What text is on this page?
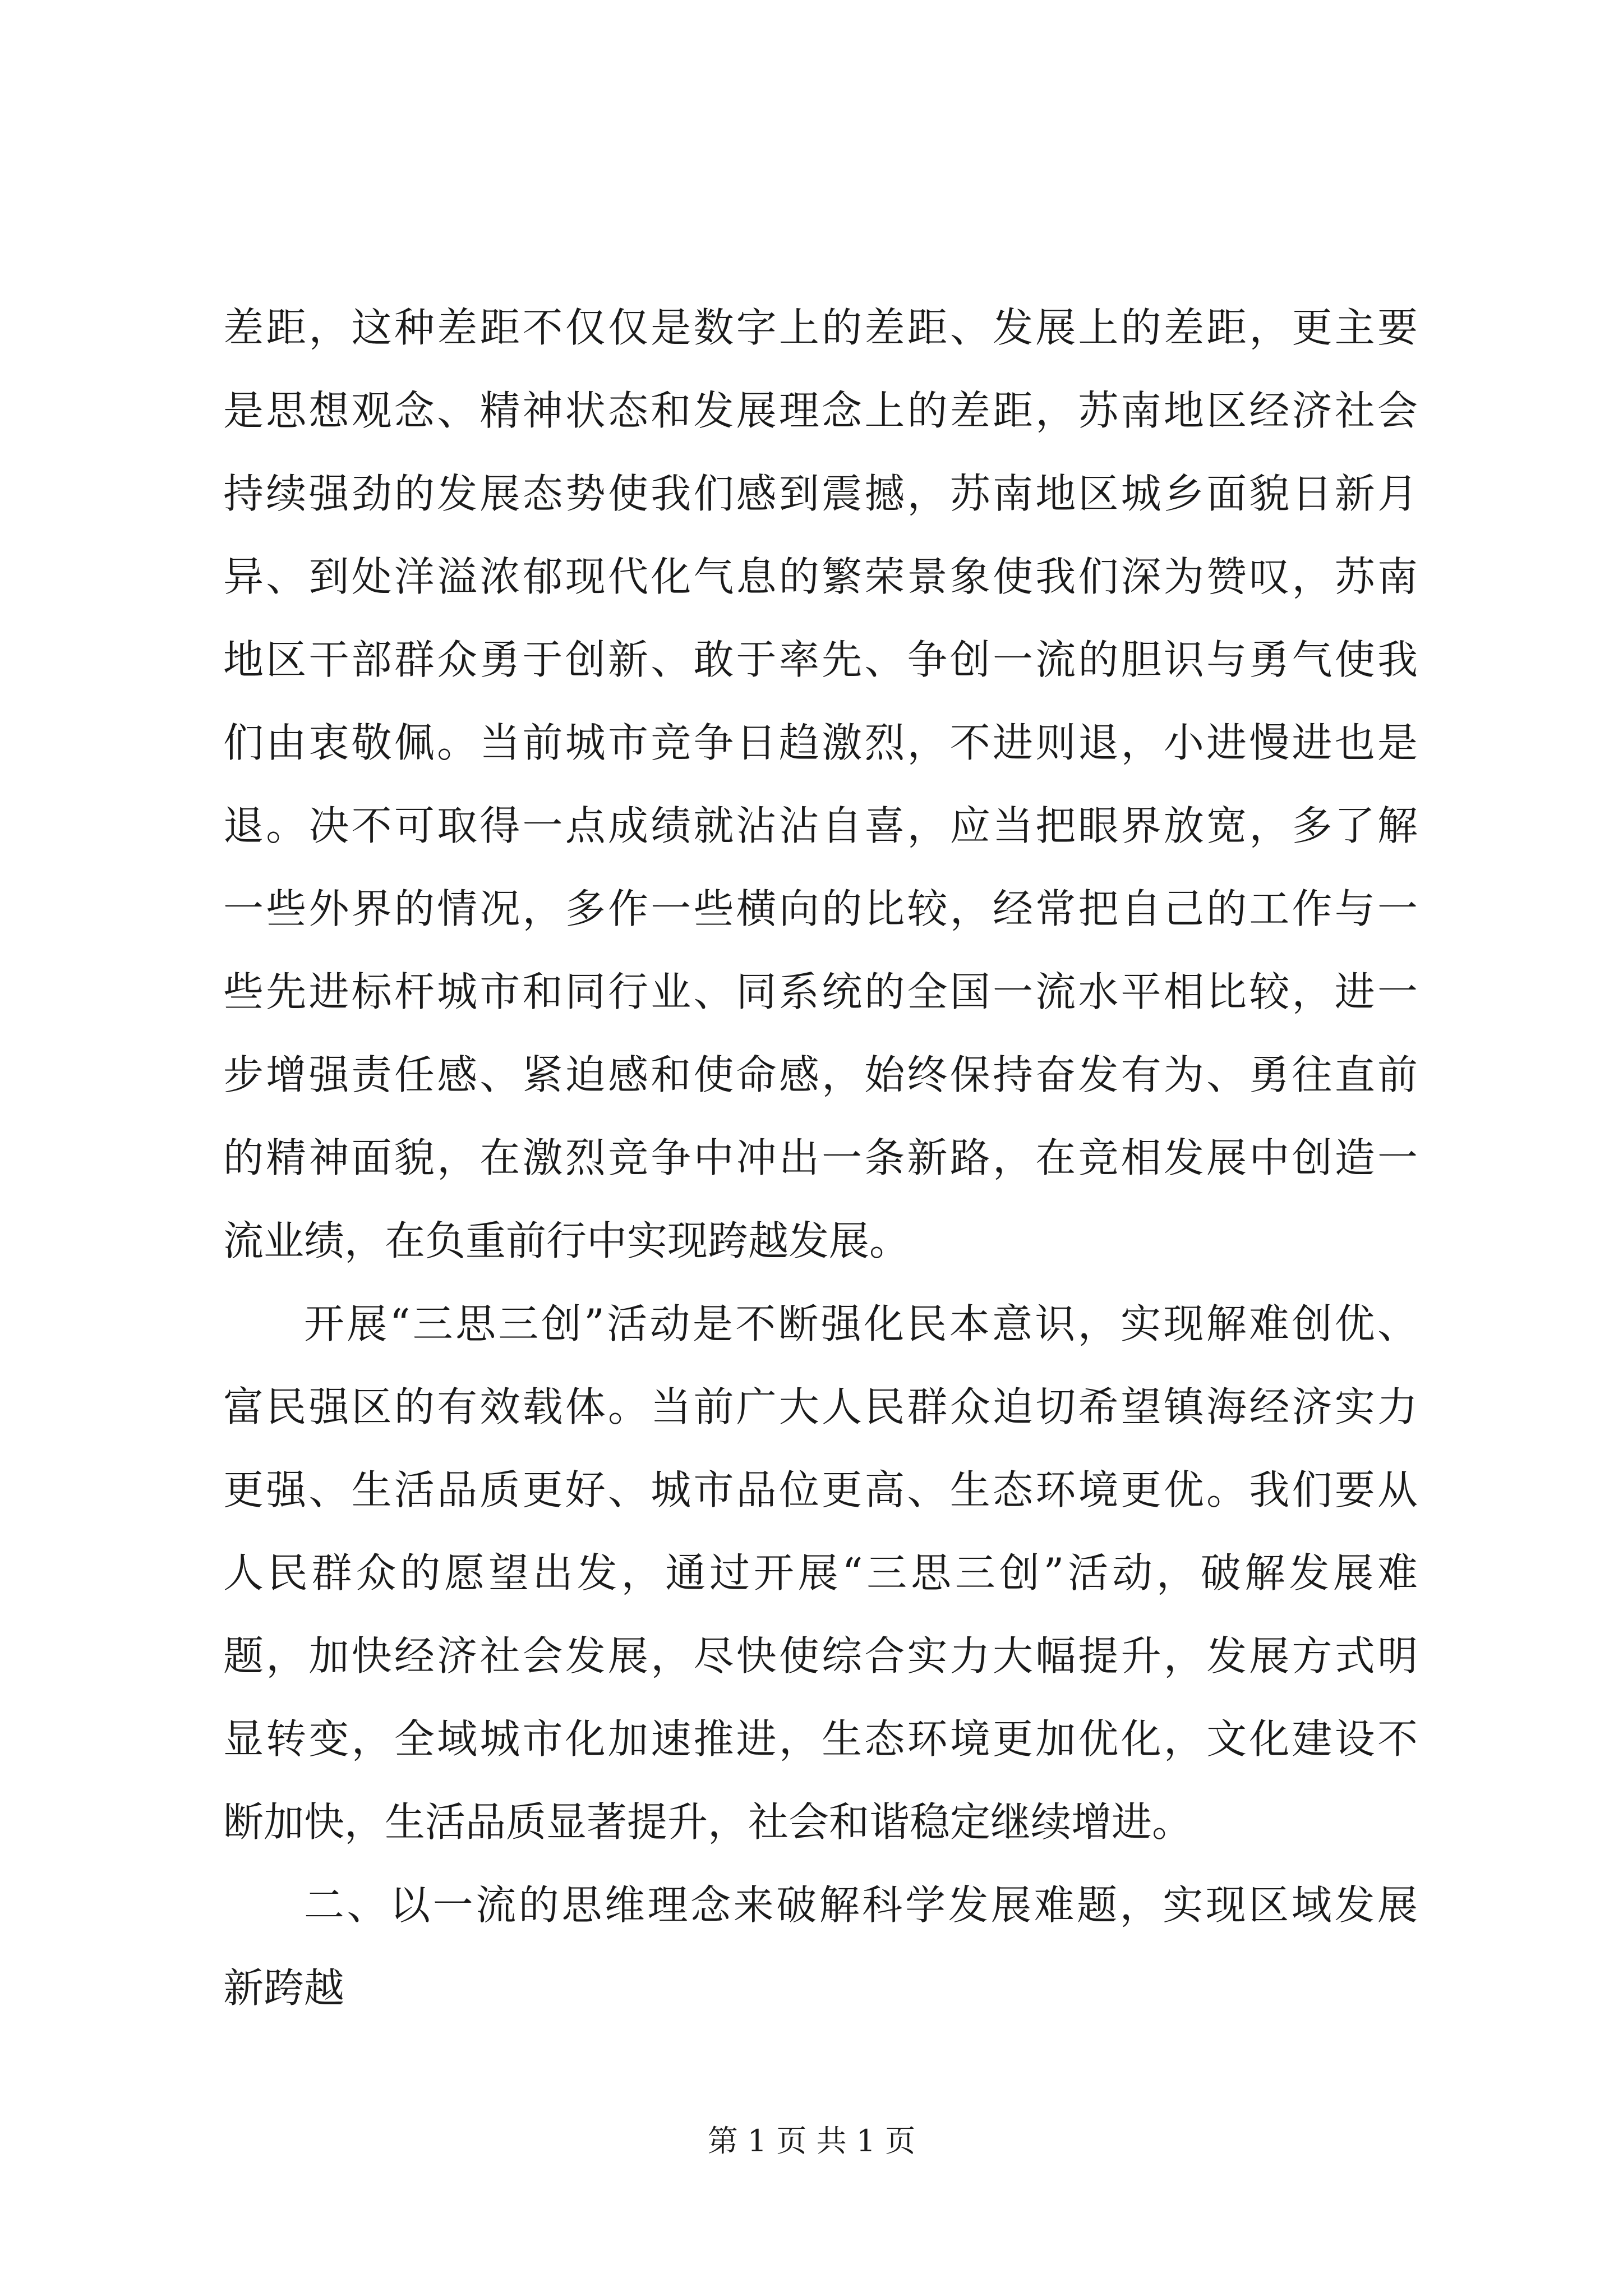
差距，这种差距不仅仅是数字上的差距、发展上的差距，更主要
是思想观念、精神状态和发展理念上的差距，苏南地区经济社会
持续强劲的发展态势使我们感到震撼，苏南地区城乡面貌日新月
异、到处洋溢浓郁现代化气息的繁荣景象使我们深为赞叹，苏南
地区干部群众勇于创新、敢于率先、争创一流的胆识与勇气使我
们由衷敬佩。当前城市竞争日趋激烈，不进则退，小进慢进也是
退。决不可取得一点成绩就沾沾自喜，应当把眼界放宽，多了解
一些外界的情况，多作一些横向的比较，经常把自己的工作与一
些先进标杆城市和同行业、同系统的全国一流水平相比较，进一
步增强责任感、紧迫感和使命感，始终保持奋发有为、勇往直前
的精神面貌，在激烈竞争中冲出一条新路，在竞相发展中创造一
流业绩，在负重前行中实现跨越发展。
开展“三思三创”活动是不断强化民本意识，实现解难创优、
富民强区的有效载体。当前广大人民群众迫切希望镇海经济实力
更强、生活品质更好、城市品位更高、生态环境更优。我们要从
人民群众的愿望出发，通过开展“三思三创”活动，破解发展难
题，加快经济社会发展，尽快使综合实力大幅提升，发展方式明
显转变，全域城市化加速推进，生态环境更加优化，文化建设不
断加快，生活品质显著提升，社会和谐稳定继续增进。
二、以一流的思维理念来破解科学发展难题，实现区域发展
新跨越
第 1 页 共 1 页
